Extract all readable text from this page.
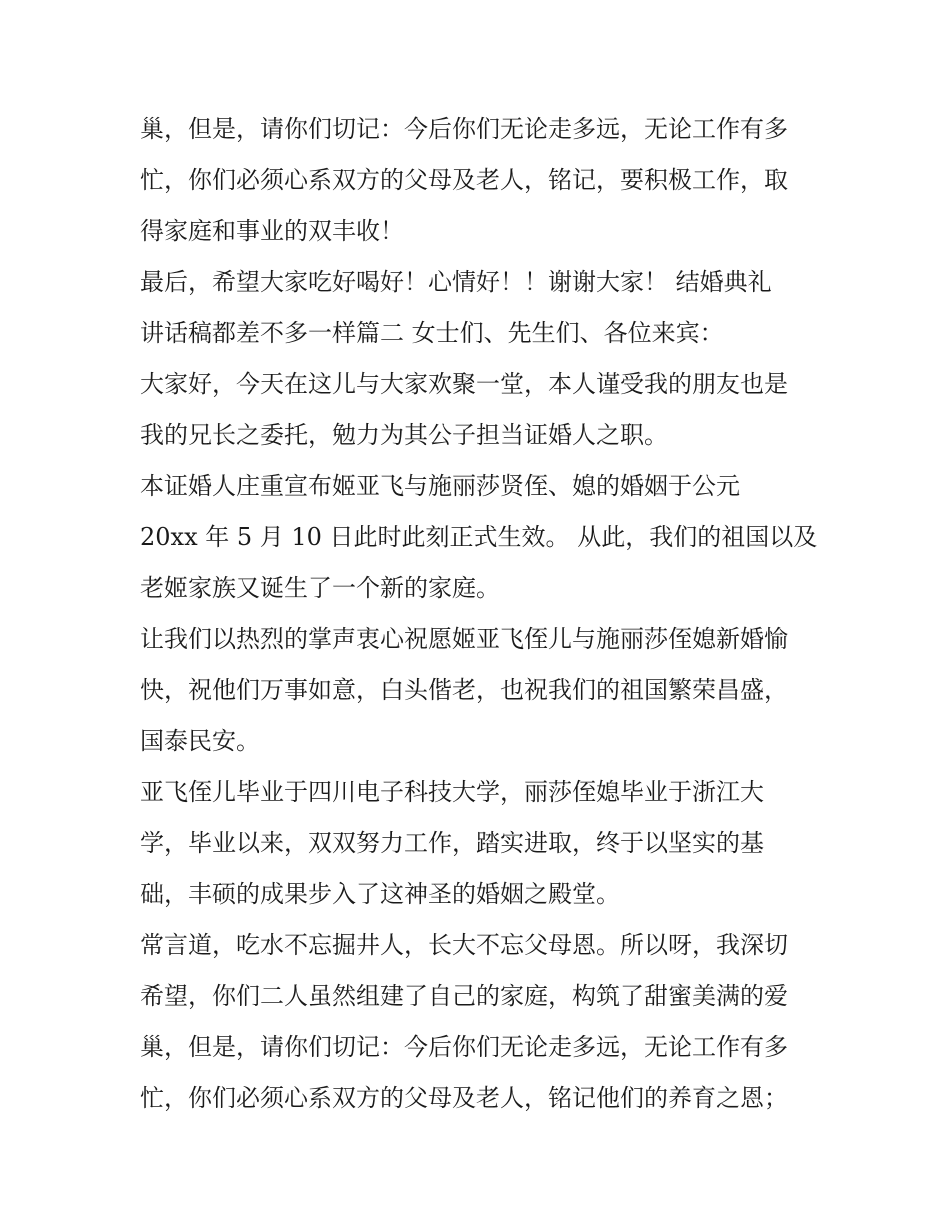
巢，但是，请你们切记：今后你们无论走多远，无论工作有多
忙，你们必须心系双方的父母及老人，铭记，要积极工作，取
得家庭和事业的双丰收！
最后，希望大家吃好喝好！心情好！！谢谢大家！ 结婚典礼
讲话稿都差不多一样篇二 女士们、先生们、各位来宾：
大家好，今天在这儿与大家欢聚一堂，本人谨受我的朋友也是
我的兄长之委托，勉力为其公子担当证婚人之职。
本证婚人庄重宣布姬亚飞与施丽莎贤侄、媳的婚姻于公元
20xx 年 5 月 10 日此时此刻正式生效。 从此，我们的祖国以及
老姬家族又诞生了一个新的家庭。
让我们以热烈的掌声衷心祝愿姬亚飞侄儿与施丽莎侄媳新婚愉
快，祝他们万事如意，白头偕老，也祝我们的祖国繁荣昌盛，
国泰民安。
亚飞侄儿毕业于四川电子科技大学，丽莎侄媳毕业于浙江大
学，毕业以来，双双努力工作，踏实进取，终于以坚实的基
础，丰硕的成果步入了这神圣的婚姻之殿堂。
常言道，吃水不忘掘井人，长大不忘父母恩。所以呀，我深切
希望，你们二人虽然组建了自己的家庭，构筑了甜蜜美满的爱
巢，但是，请你们切记：今后你们无论走多远，无论工作有多
忙，你们必须心系双方的父母及老人，铭记他们的养育之恩；
